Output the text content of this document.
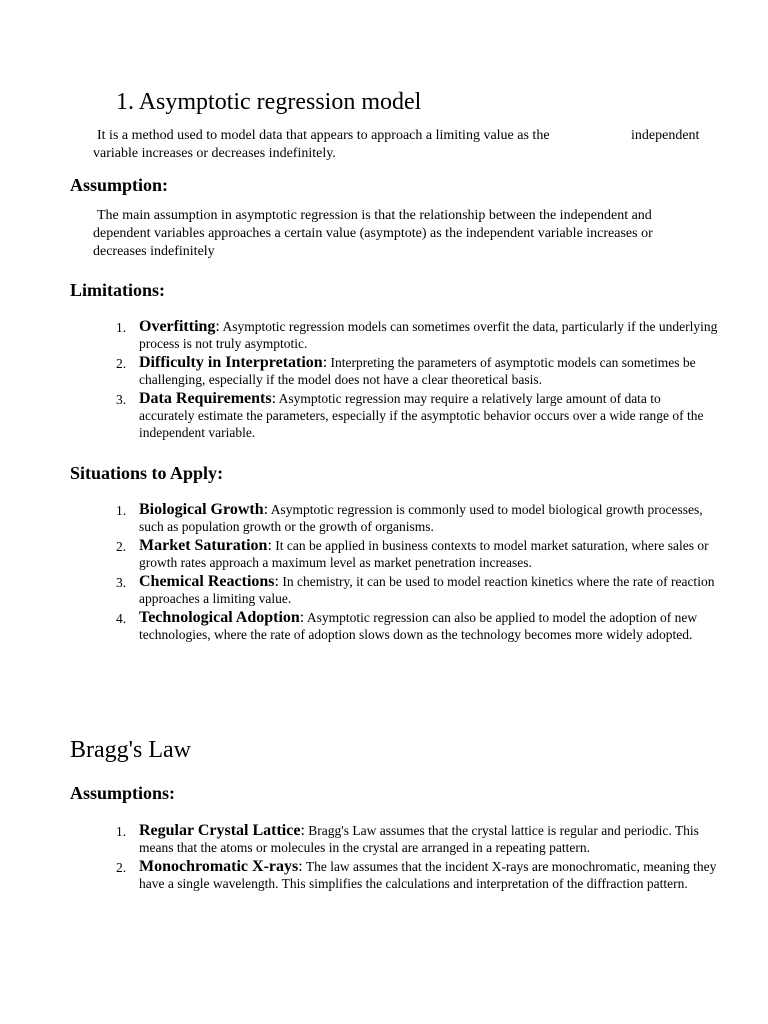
1. Asymptotic regression model
It is a method used to model data that appears to approach a limiting value as the	independent
variable increases or decreases indefinitely.
Assumption:
The main assumption in asymptotic regression is that the relationship between the independent and
dependent variables approaches a certain value (asymptote) as the independent variable increases or
decreases indefinitely
Limitations:
1. Overfitting: Asymptotic regression models can sometimes overfit the data, particularly if the underlying process is not truly asymptotic.
2. Difficulty in Interpretation: Interpreting the parameters of asymptotic models can sometimes be challenging, especially if the model does not have a clear theoretical basis.
3. Data Requirements: Asymptotic regression may require a relatively large amount of data to accurately estimate the parameters, especially if the asymptotic behavior occurs over a wide range of the independent variable.
Situations to Apply:
1. Biological Growth: Asymptotic regression is commonly used to model biological growth processes, such as population growth or the growth of organisms.
2. Market Saturation: It can be applied in business contexts to model market saturation, where sales or growth rates approach a maximum level as market penetration increases.
3. Chemical Reactions: In chemistry, it can be used to model reaction kinetics where the rate of reaction approaches a limiting value.
4. Technological Adoption: Asymptotic regression can also be applied to model the adoption of new technologies, where the rate of adoption slows down as the technology becomes more widely adopted.
Bragg's Law
Assumptions:
1. Regular Crystal Lattice: Bragg's Law assumes that the crystal lattice is regular and periodic. This means that the atoms or molecules in the crystal are arranged in a repeating pattern.
2. Monochromatic X-rays: The law assumes that the incident X-rays are monochromatic, meaning they have a single wavelength. This simplifies the calculations and interpretation of the diffraction pattern.
